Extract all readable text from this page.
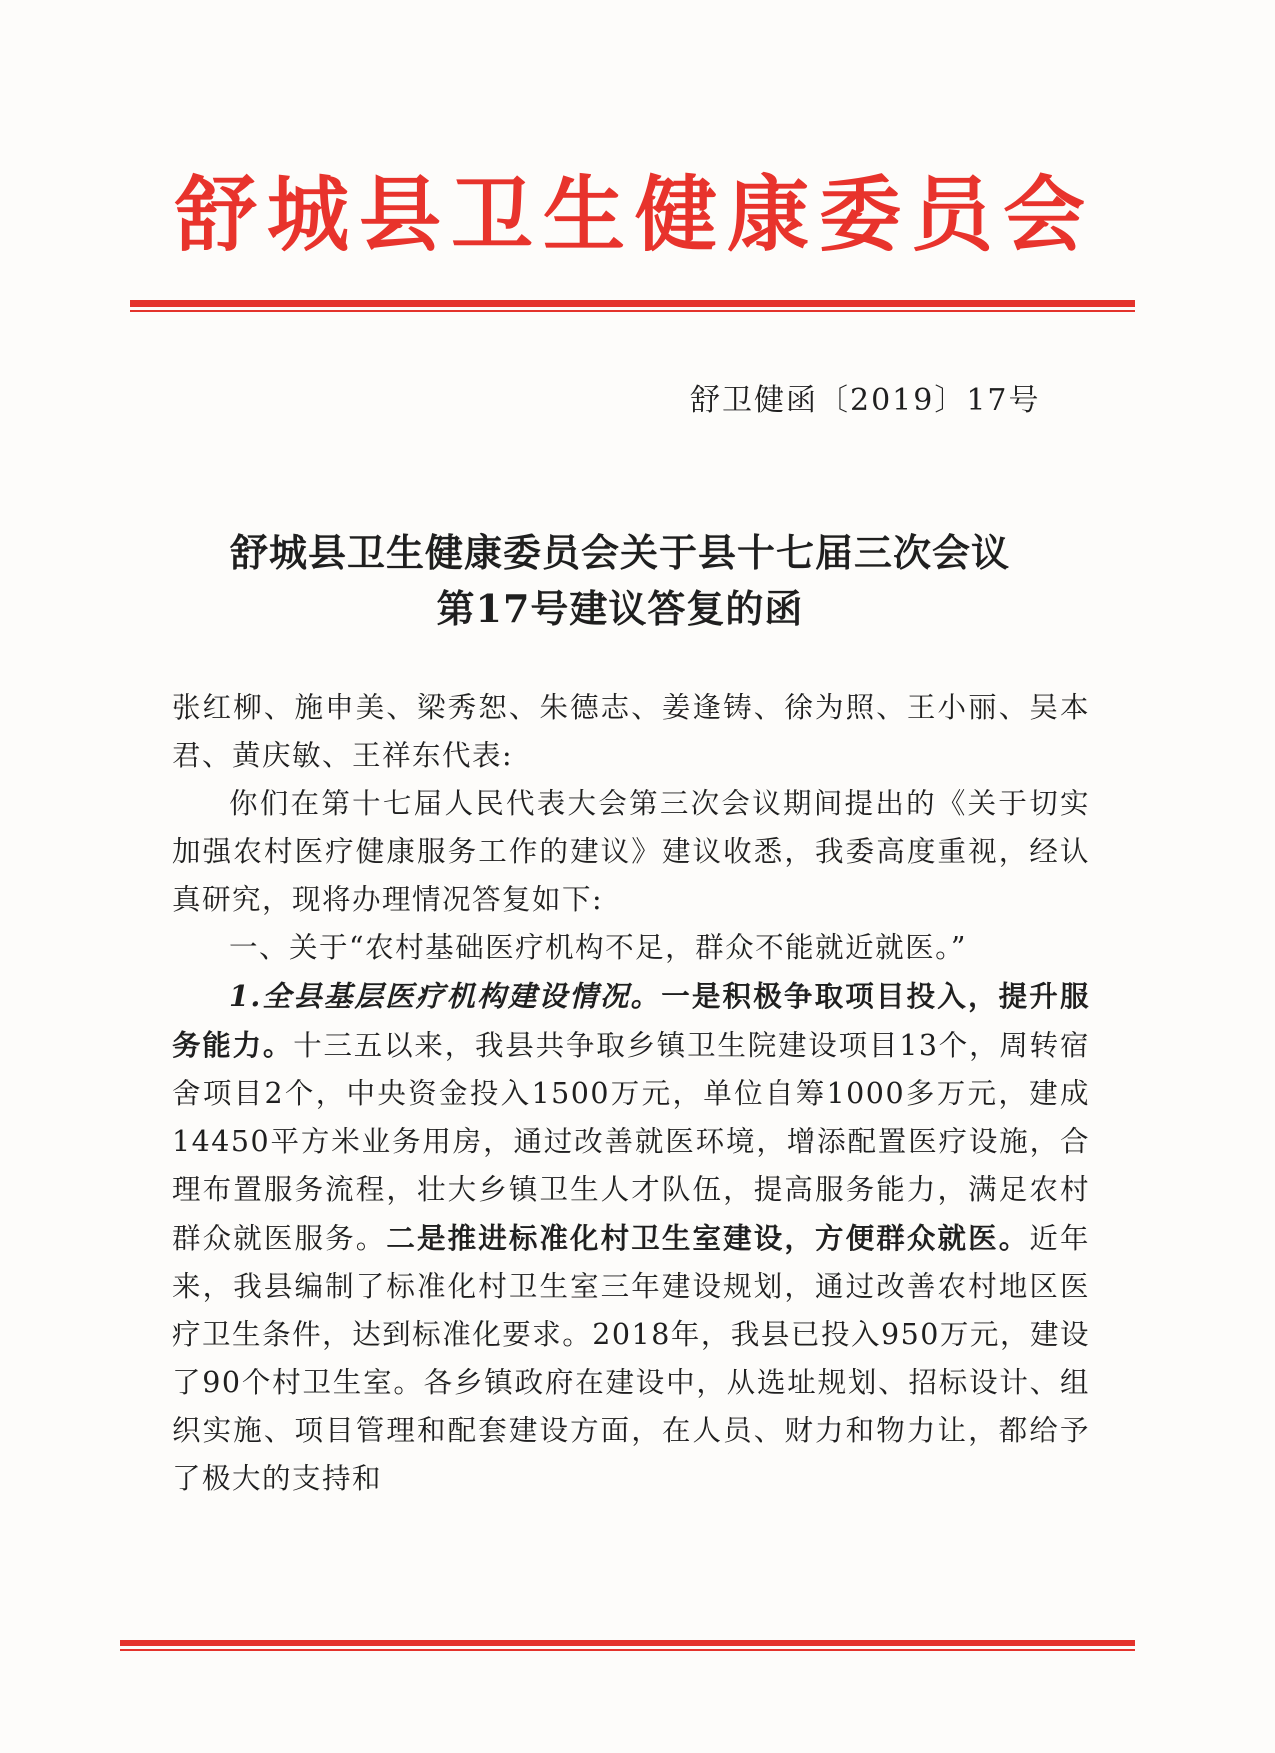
舒城县卫生健康委员会
舒卫健函〔2019〕17号
舒城县卫生健康委员会关于县十七届三次会议
第17号建议答复的函

张红柳、施申美、梁秀恕、朱德志、姜逢铸、徐为照、王小丽、吴本君、黄庆敏、王祥东代表:

你们在第十七届人民代表大会第三次会议期间提出的《关于切实加强农村医疗健康服务工作的建议》建议收悉，我委高度重视，经认真研究，现将办理情况答复如下:

一、关于“农村基础医疗机构不足，群众不能就近就医。”

1.全县基层医疗机构建设情况。一是积极争取项目投入，提升服务能力。十三五以来，我县共争取乡镇卫生院建设项目13个，周转宿舍项目2个，中央资金投入1500万元，单位自筹1000多万元，建成14450平方米业务用房，通过改善就医环境，增添配置医疗设施，合理布置服务流程，壮大乡镇卫生人才队伍，提高服务能力，满足农村群众就医服务。二是推进标准化村卫生室建设，方便群众就医。近年来，我县编制了标准化村卫生室三年建设规划，通过改善农村地区医疗卫生条件，达到标准化要求。2018年，我县已投入950万元，建设了90个村卫生室。各乡镇政府在建设中，从选址规划、招标设计、组织实施、项目管理和配套建设方面，在人员、财力和物力让，都给予了极大的支持和
